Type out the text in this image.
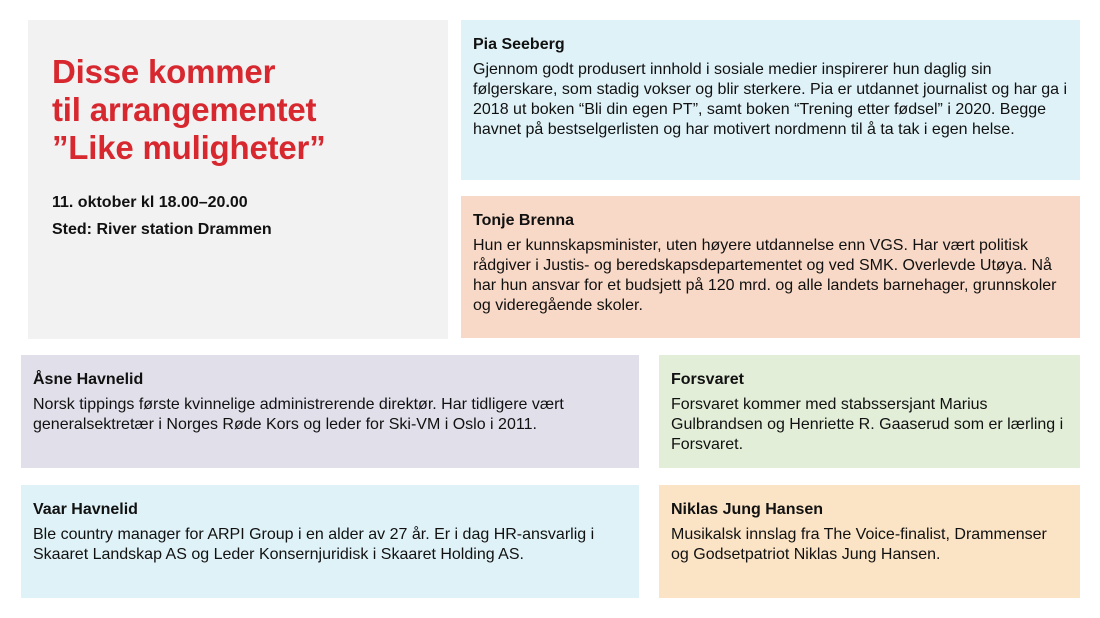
Disse kommer
til arrangementet
”Like muligheter”
11. oktober kl 18.00–20.00
Sted: River station Drammen
Pia Seeberg

Gjennom godt produsert innhold i sosiale medier inspirerer hun daglig sin følgerskare, som stadig vokser og blir sterkere. Pia er utdannet journalist og har ga i 2018 ut boken “Bli din egen PT”, samt boken “Trening etter fødsel” i 2020. Begge havnet på bestselgerlisten og har motivert nordmenn til å ta tak i egen helse.

Tonje Brenna

Hun er kunnskapsminister, uten høyere utdannelse enn VGS. Har vært politisk rådgiver i Justis- og beredskapsdepartementet og ved SMK. Overlevde Utøya. Nå har hun ansvar for et budsjett på 120 mrd. og alle landets barnehager, grunnskoler og videregående skoler.

Åsne Havnelid

Norsk tippings første kvinnelige administrerende direktør. Har tidligere vært generalsektretær i Norges Røde Kors og leder for Ski-VM i Oslo i 2011.

Forsvaret

Forsvaret kommer med stabssersjant Marius Gulbrandsen og Henriette R. Gaaserud som er lærling i Forsvaret.

Vaar Havnelid

Ble country manager for ARPI Group i en alder av 27 år. Er i dag HR-ansvarlig i Skaaret Landskap AS og Leder Konsernjuridisk i Skaaret Holding AS.

Niklas Jung Hansen

Musikalsk innslag fra The Voice-finalist, Drammenser og Godsetpatriot Niklas Jung Hansen.
